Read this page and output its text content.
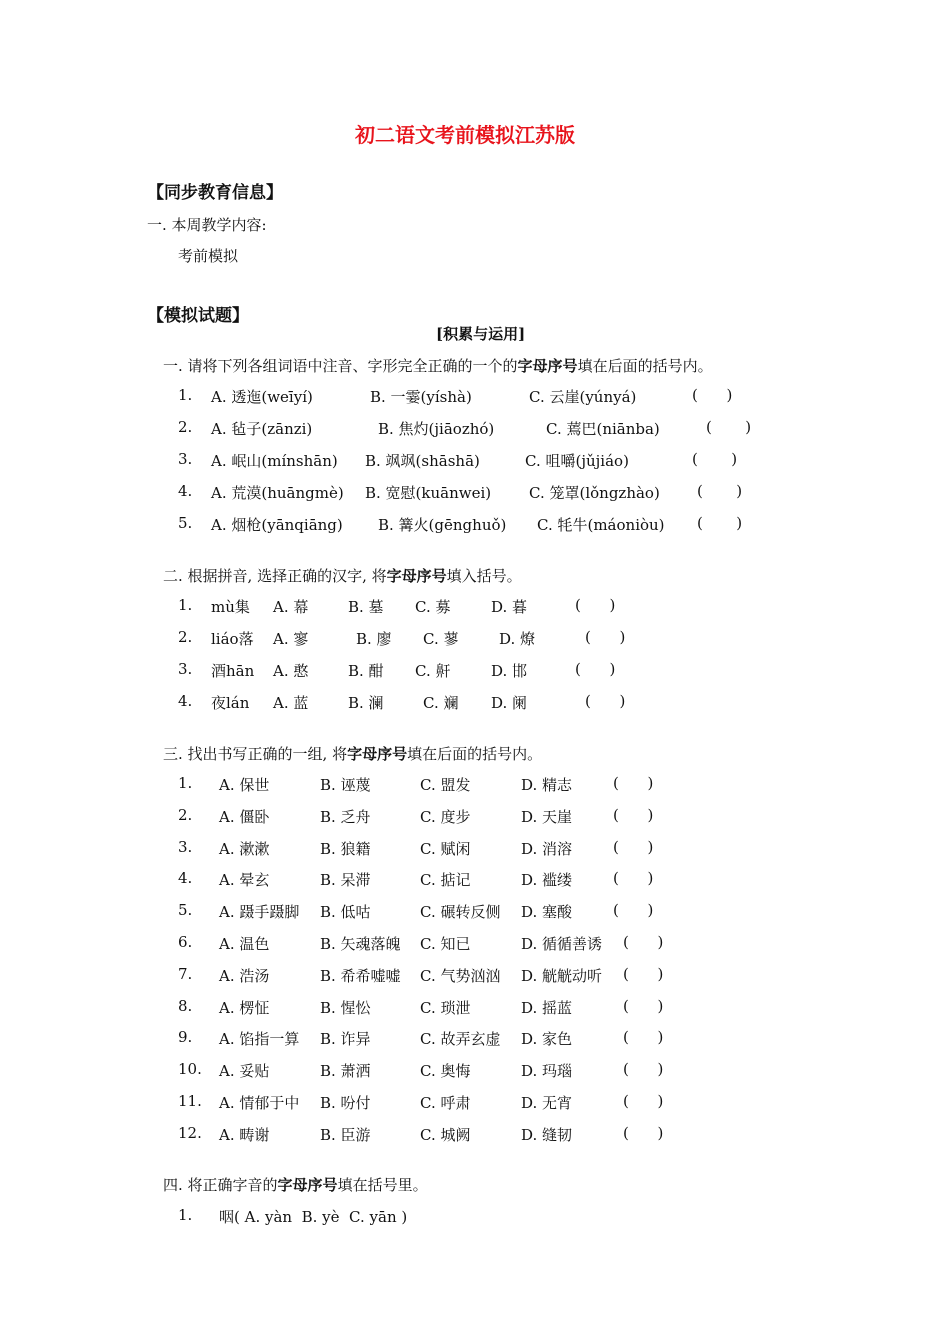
初二语文考前模拟江苏版
【同步教育信息】
一. 本周教学内容:
考前模拟
【模拟试题】
[积累与运用]
一. 请将下列各组词语中注音、字形完全正确的一个的字母序号填在后面的括号内。
1. A. 透迤(weīyí)	B. 一霎(yíshà)	C. 云崖(yúnyá)	(      )
2. A. 毡子(zānzi)	B. 焦灼(jiāozhó)	C. 蔫巴(niānba)	(       )
3. A. 岷山(mínshān) B. 飒飒(shāshā)	C. 咀嚼(jǔjiáo)	(       )
4. A. 荒漠(huāngmè) B. 宽慰(kuānwei)	C. 笼罩(lǒngzhào) (       )
5. A. 烟枪(yānqiāng) B. 篝火(gēnghuǒ) C. 牦牛(máoniòu) (       )
二. 根据拼音, 选择正确的汉字, 将字母序号填入括号。
1. mù集 A. 幕	B. 墓 C. 募	D. 暮	(      )
2. liáo落 A. 寥	B. 廖 C. 蓼	D. 燎	(      )
3. 酒hān A. 憨	B. 酣 C. 鼾	D. 邯	(      )
4. 夜lán A. 蓝	B. 澜	C. 斓 D. 阑	(      )
三. 找出书写正确的一组, 将字母序号填在后面的括号内。
1. A. 保世	B. 诬蔑	C. 盟发	D. 精志	(      )
2. A. 僵卧	B. 乏舟	C. 度步	D. 天崖	(      )
3. A. 漱漱	B. 狼籍	C. 赋闲	D. 消溶	(      )
4. A. 晕玄	B. 呆滞	C. 掂记	D. 褴缕	(      )
5. A. 蹑手蹑脚 B. 低咕	C. 碾转反侧 D. 塞酸	(      )
6. A. 温色	B. 矢魂落魄 C. 知已	D. 循循善诱 (      )
7. A. 浩汤	B. 希希嘘嘘 C. 气势汹汹 D. 觥觥动听 (      )
8. A. 楞怔	B. 惺忪	C. 琐泄	D. 摇蓝	(      )
9. A. 馅指一算 B. 诈异	C. 故弄玄虚 D. 家色	(      )
10. A. 妥贴	B. 萧洒	C. 奥悔	D. 玛瑙	(      )
11. A. 情郁于中 B. 吩付	C. 呼肃	D. 无宵	(      )
12. A. 畴谢	B. 臣游	C. 城阙	D. 缝韧	(      )
四. 将正确字音的字母序号填在括号里。
1. 咽( A. yàn  B. yè  C. yān )
